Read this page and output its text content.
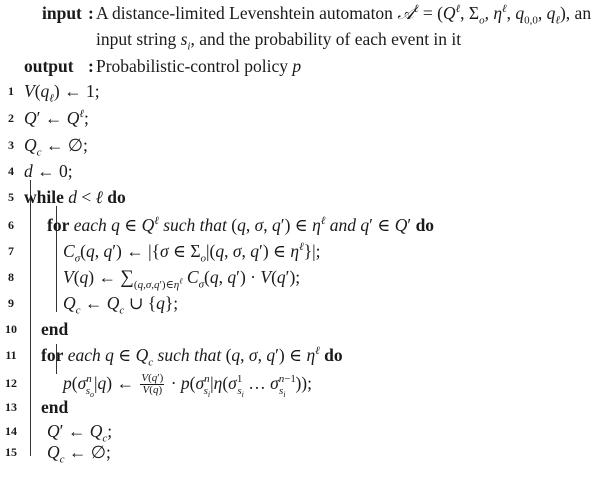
input : A distance-limited Levenshtein automaton 𝒜$^\ell$ = ($Q^\ell$, $\Sigma_o$, $\eta^\ell$, $q_{0,0}$, $q_\ell$), an
input string $s_i$, and the probability of each event in it
output : Probabilistic-control policy p
1 $V(q_\ell)$ ← 1;
2 Q′ ← $Q^\ell$;
3 $Q_c$ ← ∅;
4 d ← 0;
5 while d < ℓ do
6	for each q ∈ $Q^\ell$ such that (q, σ, q′) ∈ $\eta^\ell$ and q′ ∈ Q′ do
7	$C_\sigma(q$, q′) ← |{σ ∈ $\Sigma_o|(q$, σ, q′) ∈ $\eta^\ell\}|$;
8	V(q) ← $\sum_{(q,\sigma,q')\in\eta^\ell}$ $C_\sigma(q$, q′) · V(q′);
9	$Q_c$ ← $Q_c$ ∪ {q};
10 end
11	for each q ∈ $Q_c$ such that (q, σ, q′) ∈ $\eta^\ell$ do
12	$p(\sigma^n_{s_o}|q)$ ← $\frac{V(q')}{V(q)} \cdot p(\sigma^n_{s_i}|\eta(\sigma^1_{s_i}$ … $\sigma^{n-1}_{s_i}$));
13 end
14 Q′ ← $Q_c$;
15 $Q_c$ ← ∅;
